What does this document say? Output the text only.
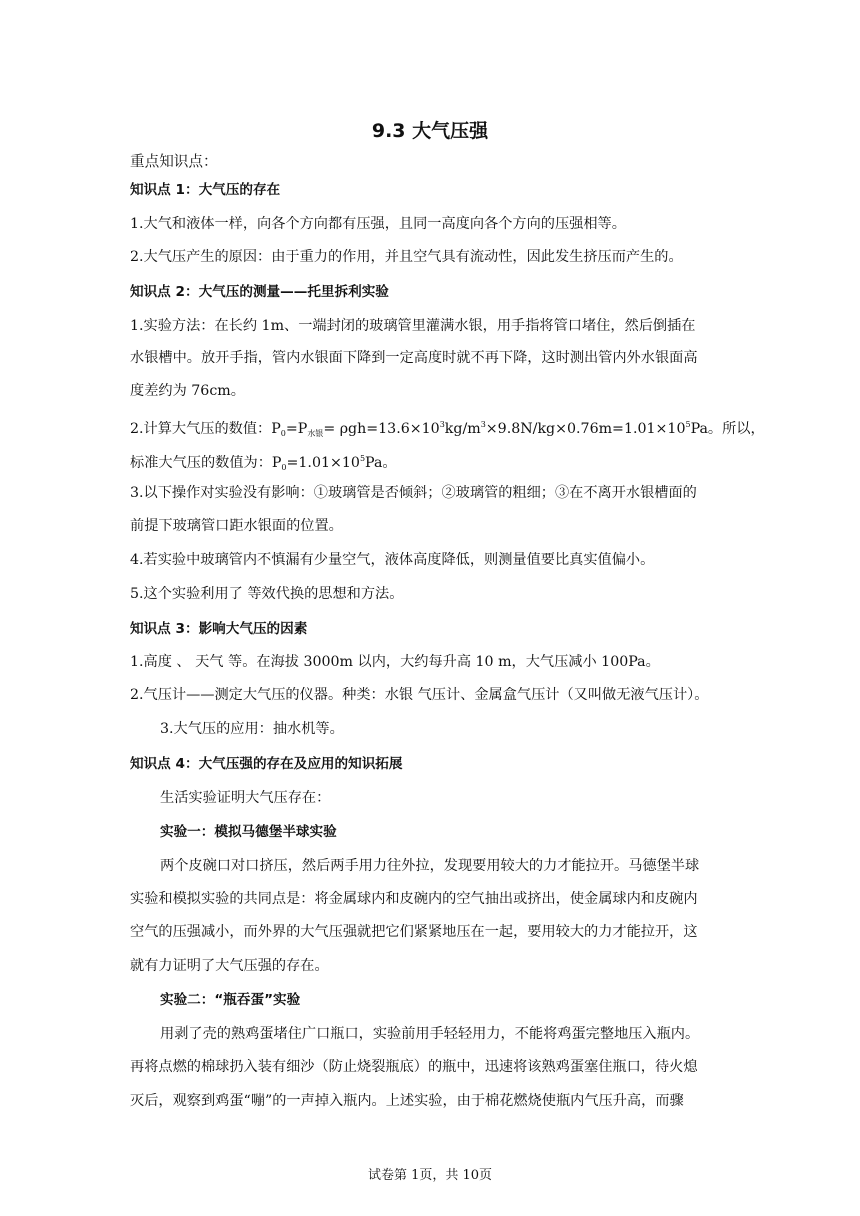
9.3 大气压强
重点知识点：
知识点 1：大气压的存在
1.大气和液体一样，向各个方向都有压强，且同一高度向各个方向的压强相等。
2.大气压产生的原因：由于重力的作用，并且空气具有流动性，因此发生挤压而产生的。
知识点 2：大气压的测量——托里拆利实验
1.实验方法：在长约 1m、一端封闭的玻璃管里灌满水银，用手指将管口堵住，然后倒插在
水银槽中。放开手指，管内水银面下降到一定高度时就不再下降，这时测出管内外水银面高
度差约为 76cm。
2.计算大气压的数值：$P_0=P_{水银}= \rho gh=13.6\times 10^3kg/m^3\times 9.8N/kg\times 0.76m=1.01\times 10^5Pa$。所以，
标准大气压的数值为：$P_0=1.01\times 10^5Pa$。
3.以下操作对实验没有影响：①玻璃管是否倾斜；②玻璃管的粗细；③在不离开水银槽面的
前提下玻璃管口距水银面的位置。
4.若实验中玻璃管内不慎漏有少量空气，液体高度降低，则测量值要比真实值偏小。
5.这个实验利用了 等效代换的思想和方法。
知识点 3：影响大气压的因素
1.高度 、 天气 等。在海拔 3000m 以内，大约每升高 10 m，大气压减小 100Pa。
2.气压计——测定大气压的仪器。种类：水银 气压计、金属盒气压计（又叫做无液气压计）。
3.大气压的应用：抽水机等。
知识点 4：大气压强的存在及应用的知识拓展
生活实验证明大气压存在：
实验一：模拟马德堡半球实验
两个皮碗口对口挤压，然后两手用力往外拉，发现要用较大的力才能拉开。马德堡半球
实验和模拟实验的共同点是：将金属球内和皮碗内的空气抽出或挤出，使金属球内和皮碗内
空气的压强减小，而外界的大气压强就把它们紧紧地压在一起，要用较大的力才能拉开，这
就有力证明了大气压强的存在。
实验二：“瓶吞蛋”实验
用剥了壳的熟鸡蛋堵住广口瓶口，实验前用手轻轻用力，不能将鸡蛋完整地压入瓶内。
再将点燃的棉球扔入装有细沙（防止烧裂瓶底）的瓶中，迅速将该熟鸡蛋塞住瓶口，待火熄
灭后，观察到鸡蛋“嘣”的一声掉入瓶内。上述实验，由于棉花燃烧使瓶内气压升高，而骤
试卷第 1页，共 10页
